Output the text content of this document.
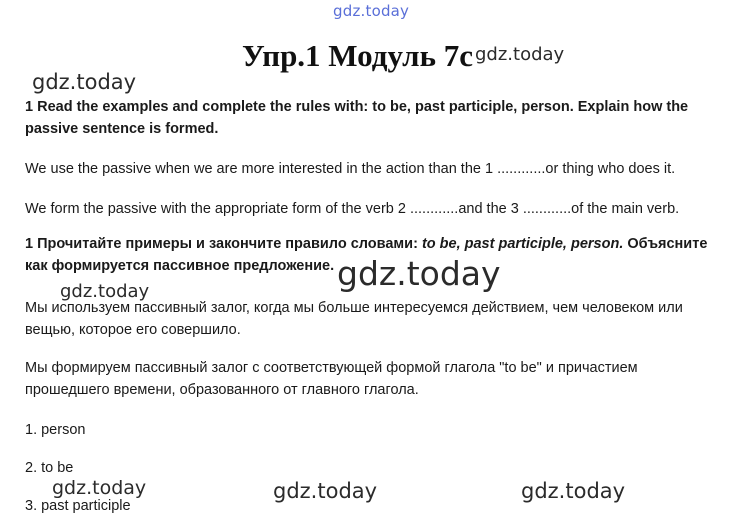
gdz.today
Упр.1 Модуль 7c gdz.today
gdz.today
1 Read the examples and complete the rules with: to be, past participle, person. Explain how the
passive sentence is formed.
We use the passive when we are more interested in the action than the 1 ............or thing who does it.
We form the passive with the appropriate form of the verb 2 ............and the 3 ............of the main verb.
1 Прочитайте примеры и закончите правило словами: to be, past participle, person. Объясните
как формируется пассивное предложение. gdz.today
gdz.today
Мы используем пассивный залог, когда мы больше интересуемся действием, чем человеком или
вещью, которое его совершило.
Мы формируем пассивный залог с соответствующей формой глагола "to be" и причастием
прошедшего времени, образованного от главного глагола.
1. person
2. to be
3. past participle
gdz.today	gdz.today	gdz.today
